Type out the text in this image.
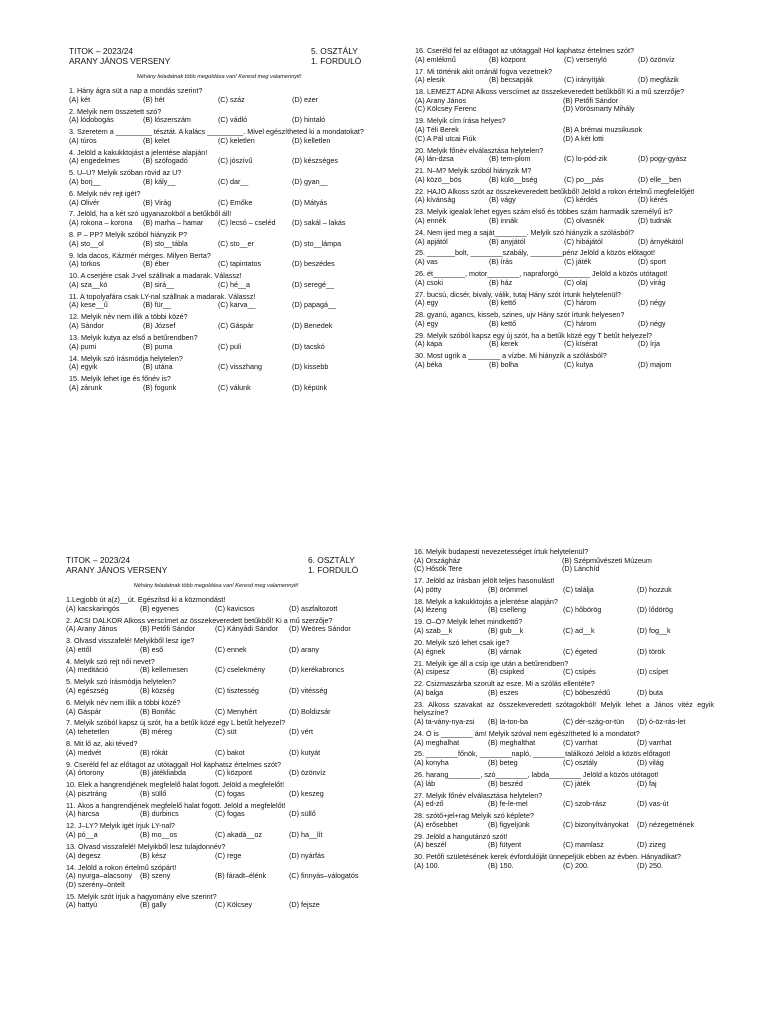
TITOK – 2023/24
ARANY JÁNOS VERSENY
5. OSZTÁLY
1. FORDULÓ
Néhány feladatnak több megoldása van! Keresd meg valamennyit!
1. Hány ágra süt a nap a mondás szerint?
(A) két	(B) hét	(C) száz	(D) ezer
2. Melyik nem összetett szó?
(A) lódobogás	(B) lószerszám	(C) vádló	(D) hintaló
3. Szeretem a _________ tésztát. A kalács _________. Mivel egészítheted ki a mondatokat?
(A) túros	(B) kelet	(C) keletlen	(D) kelletlen
4. Jelöld a kakukktojást a jelentése alapján!
(A) engedelmes	(B) szófogadó	(C) jószívű	(D) készséges
5. U–Ü? Melyik szóban rövid az U?
(A) borj__	(B) kály__	(C) dar__	(D) gyan__
6. Melyik név rejt igét?
(A) Olivér	(B) Virág	(C) Emőke	(D) Mátyás
7. Jelöld, ha a két szó ugyanazokból a betűkből áll!
(A) rokona – korona	(B) marha – hamar	(C) lecsó – cseléd	(D) sakál – lakás
8. P – PP? Melyik szóból hiányzik P?
(A) sto__ol	(B) sto__tábla	(C) sto__er	(D) sto__lámpa
9. Ida dacos, Kázmér mérges. Milyen Berta?
(A) torkos	(B) éber	(C) tapintatos	(D) beszédes
10. A cserjére csak J-vel szállnak a madarak. Válassz!
(A) sza__kó	(B) sirá__	(C) hé__a	(D) seregé__
11. A topolyafára csak LY-nal szállnak a madarak. Válassz!
(A) kese__ű	(B) für__	(C) karva__	(D) papagá__
12. Melyik név nem illik a többi közé?
(A) Sándor	(B) József	(C) Gáspár	(D) Benedek
13. Melyik kutya az első a betűrendben?
(A) pumi	(B) puma	(C) puli	(D) tacskó
14. Melyik szó írásmódja helytelen?
(A) egyik	(B) utána	(C) visszhang	(D) kissebb
15. Melyik lehet ige és főnév is?
(A) zárunk	(B) fogunk	(C) válunk	(D) képünk
16. Cseréld fel az előtagot az utótaggal! Hol kaphatsz értelmes szót?
(A) emlékmű	(B) központ	(C) versenyló	(D) özönvíz
17. Mi történik akit orránál fogva vezetnek?
(A) elesik	(B) becsapják	(C) irányítják	(D) megfázik
18. LEMEZT ADNI Alkoss verscímet az összekeveredett betűkből! Ki a mű szerzője?
(A) Arany János	(B) Petőfi Sándor
(C) Kölcsey Ferenc	(D) Vörösmarty Mihály
19. Melyik cím írása helyes?
(A) Téli Berek	(B) A brémai muzsikusok
(C) A Pál utcai Fiúk	(D) A két lotti
20. Melyik főnév elválasztása helytelen?
(A) lán-dzsa	(B) tem-plom	(C) lo-pód-zik	(D) pogy-gyász
21. N–M? Melyik szóból hiányzik M?
(A) közö__bös	(B) külö__bség	(C) po__pás	(D) elle__ben
22. HAJÓ Alkoss szót az összekeveredett betűkből! Jelöld a rokon értelmű megfelelőjét!
(A) kívánság	(B) vágy	(C) kérdés	(D) kérés
23. Melyik igealak lehet egyes szám első és többes szám harmadik személyű is?
(A) ennék	(B) innák	(C) olvasnék	(D) tudnák
24. Nem ijed meg a saját________. Melyik szó hiányzik a szólásból?
(A) apjától	(B) anyjától	(C) hibájától	(D) árnyékától
25. _______bolt, ________szabály, ________pénz Jelöld a közös előtagot!
(A) vas	(B) írás	(C) játék	(D) sport
26. ét________, motor________, napraforgó________ Jelöld a közös utótagot!
(A) csoki	(B) ház	(C) olaj	(D) virág
27. bucsú, dicsér, bivaly, válik, tutaj Hány szót írtunk helytelenül?
(A) egy	(B) kettő	(C) három	(D) négy
28. gyanú, agancs, kisseb, szines, ujv Hány szót írtunk helyesen?
(A) egy	(B) kettő	(C) három	(D) négy
29. Melyik szóból kapsz egy új szót, ha a betűk közé egy T betűt helyezel?
(A) kapa	(B) kerek	(C) kísérat	(D) írja
30. Most ugrik a ________ a vízbe. Mi hiányzik a szólásból?
(A) béka	(B) bolha	(C) kutya	(D) majom
TITOK – 2023/24
ARANY JÁNOS VERSENY
6. OSZTÁLY
1. FORDULÓ
Néhány feladatnak több megoldása van! Keresd meg valamennyit!
1.Legjobb út a(z)__út. Egészítsd ki a közmondást!
(A) kacskaringós	(B) egyenes	(C) kavicsos	(D) aszfaltozott
2. ÁCSI DALKÖR Alkoss verscímet az összekeveredett betűkből! Ki a mű szerzője?
(A) Arany János	(B) Petőfi Sándor	(C) Kányádi Sándor	(D) Weöres Sándor
3. Olvasd visszafelé! Melyikből lesz ige?
(A) ettől	(B) eső	(C) ennek	(D) arany
4. Melyik szó rejt női nevet?
(A) meditáció	(B) kellemesen	(C) cselekmény	(D) kerékabroncs
5. Melyik szó írásmódja helytelen?
(A) egészség	(B) község	(C) tisztesség	(D) vitésség
6. Melyik név nem illik a többi közé?
(A) Gáspár	(B) Bonifác	(C) Menyhért	(D) Boldizsár
7. Melyik szóból kapsz új szót, ha a betűk közé egy L betűt helyezel?
(A) tehetetlen	(B) méreg	(C) süt	(D) vért
8. Mit lő az, aki téved?
(A) medvét	(B) rókát	(C) bakot	(D) kutyát
9. Cseréld fel az előtagot az utótaggal! Hol kaphatsz értelmes szót?
(A) órtorony	(B) játékliabda	(C) központ	(D) özönvíz
10. Elek a hangrendjének megfelelő halat fogott. Jelöld a megfelelőt!
(A) pisztráng	(B) süllő	(C) fogas	(D) keszeg
11. Ákos a hangrendjének megfelelő halat fogott. Jelöld a megfelelőt!
(A) harcsa	(B) durbincs	(C) fogas	(D) süllő
12. J–LY? Melyik igét írjuk LY-nal?
(A) pó__a	(B) mo__os	(C) akadá__oz	(D) ha__lít
13. Olvasd visszafelé! Melyikből lesz tulajdonnév?
(A) degesz	(B) kész	(C) rege	(D) nyárfás
14. Jelöld a rokon értelmű szópárt!
(A) nyurga–alacsony	(B) szeny	(B) fáradt–élénk	(C) finnyás–válogatós
(D) szerény–öntelt
15. Melyik szót írjuk a hagyomány elve szerint?
(A) hattyú	(B) gally	(C) Kölcsey	(D) fejsze
16. Melyik budapesti nevezetességet írtuk helytelenül?
(A) Országház	(B) Szépművészeti Múzeum
(C) Hősök Tere	(D) Lánchíd
17. Jelöld az írásban jelölt teljes hasonulást!
(A) pötty	(B) örömmel	(C) találja	(D) hozzuk
18. Melyik a kakukktojás a jelentése alapján?
(A) lézeng	(B) cselleng	(C) hőbörög	(D) lődörög
19. O–Ó? Melyik lehet mindkettő?
(A) szab__k	(B) gub__k	(C) ad__k	(D) fog__k
20. Melyik szó lehet csak ige?
(A) égnek	(B) várnak	(C) égeted	(D) török
21. Melyik ige áll a csíp ige után a betűrendben?
(A) csipesz	(B) csipked	(C) csípés	(D) csípet
22. Csizmaszárba szorult az esze. Mi a szólás ellentéte?
(A) balga	(B) eszes	(C) böbeszédű	(D) buta
23. Alkoss szavakat az összekeveredett szótagokból! Melyik lehet a János vitéz egyik helyszíne?
(A) ta-vány-nya-zsi	(B) la-ton-ba	(C) dér-szág-or-tün	(D) ó-öz-rás-let
24. Ő is ________ ám! Melyik szóval nem egészítheted ki a mondatot?
(A) meghalhat	(B) meghalthat	(C) varrhat	(D) varrhat
25. ________főnök, ________napló, ________találkozó Jelöld a közös előtagot!
(A) konyha	(B) beteg	(C) osztály	(D) világ
26. harang________, szó________, labda________ Jelöld a közös utótagot!
(A) láb	(B) beszéd	(C) játék	(D) faj
27. Melyik főnév elválasztása helytelen?
(A) ed-ző	(B) fe-le-mel	(C) szob-rász	(D) vas-út
28. szótő+jel+rag Melyik szó képlete?
(A) erősebbet	(B) figyeljünk	(C) bizonyítványokat	(D) nézegetnének
29. Jelöld a hangutánzó szót!
(A) beszél	(B) fütyent	(C) mamlasz	(D) zizeg
30. Petőfi születésének kerek évfordulóját ünnepeljük ebben az évben. Hányadikat?
(A) 100.	(B) 150.	(C) 200.	(D) 250.
